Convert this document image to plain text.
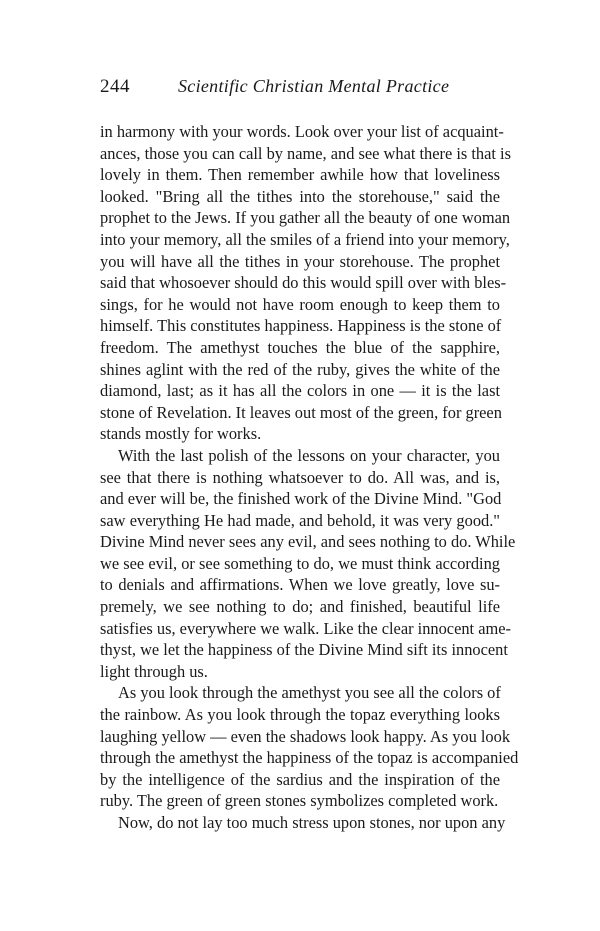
244	Scientific Christian Mental Practice
in harmony with your words. Look over your list of acquaint-
ances, those you can call by name, and see what there is that is
lovely in them. Then remember awhile how that loveliness
looked. "Bring all the tithes into the storehouse," said the
prophet to the Jews. If you gather all the beauty of one woman
into your memory, all the smiles of a friend into your memory,
you will have all the tithes in your storehouse. The prophet
said that whosoever should do this would spill over with bles-
sings, for he would not have room enough to keep them to
himself. This constitutes happiness. Happiness is the stone of
freedom. The amethyst touches the blue of the sapphire,
shines aglint with the red of the ruby, gives the white of the
diamond, last; as it has all the colors in one — it is the last
stone of Revelation. It leaves out most of the green, for green
stands mostly for works.
With the last polish of the lessons on your character, you
see that there is nothing whatsoever to do. All was, and is,
and ever will be, the finished work of the Divine Mind. "God
saw everything He had made, and behold, it was very good."
Divine Mind never sees any evil, and sees nothing to do. While
we see evil, or see something to do, we must think according
to denials and affirmations. When we love greatly, love su-
premely, we see nothing to do; and finished, beautiful life
satisfies us, everywhere we walk. Like the clear innocent ame-
thyst, we let the happiness of the Divine Mind sift its innocent
light through us.
As you look through the amethyst you see all the colors of
the rainbow. As you look through the topaz everything looks
laughing yellow — even the shadows look happy. As you look
through the amethyst the happiness of the topaz is accompanied
by the intelligence of the sardius and the inspiration of the
ruby. The green of green stones symbolizes completed work.
Now, do not lay too much stress upon stones, nor upon any
